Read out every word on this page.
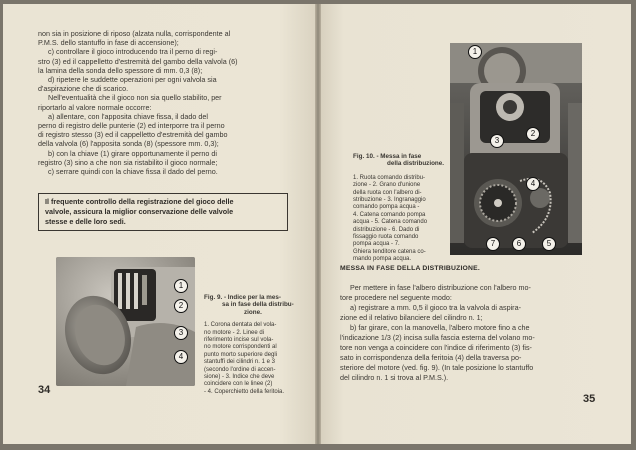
non sia in posizione di riposo (alzata nulla, corrispondente al

P.M.S. dello stantuffo in fase di accensione);

c) controllare il gioco introducendo tra il perno di regi-

stro (3) ed il cappelletto d'estremità del gambo della valvola (6)

la lamina della sonda dello spessore di mm. 0,3 (8);

d) ripetere le suddette operazioni per ogni valvola sia

d'aspirazione che di scarico.

Nell'eventualità che il gioco non sia quello stabilito, per

riportarlo al valore normale occorre:

a) allentare, con l'apposita chiave fissa, il dado del

perno di registro delle punterie (2) ed interporre tra il perno

di registro stesso (3) ed il cappelletto d'estremità del gambo

della valvola (6) l'apposita sonda (8) (spessore mm. 0,3);

b) con la chiave (1) girare opportunamente il perno di

registro (3) sino a che non sia ristabilito il gioco normale;

c) serrare quindi con la chiave fissa il dado del perno.

Il frequente controllo della registrazione del gioco delle
valvole, assicura la miglior conservazione delle valvole
stesse e delle loro sedi.
1
2
3
4
Fig. 9. - Indice per la mes-
sa in fase della distribu-
zione.
1. Corona dentata del vola-
no motore - 2. Linee di
riferimento incise sul vola-
no motore corrispondenti al
punto morto superiore degli
stantuffi dei cilindri n. 1 e 3
(secondo l'ordine di accen-
sione) - 3. Indice che deve
coincidere con le linee (2)
- 4. Coperchietto della feritoia.
34
1
2
3
4
5
6
7
Fig. 10. - Messa in fase
della distribuzione.
1. Ruota comando distribu-
zione - 2. Grano d'unione
della ruota con l'albero di-
stribuzione - 3. Ingranaggio
comando pompa acqua -
4. Catena comando pompa
acqua - 5. Catena comando
distribuzione - 6. Dado di
fissaggio ruota comando
pompa acqua - 7.
Ghiera tenditore catena co-
mando pompa acqua.
MESSA IN FASE DELLA DISTRIBUZIONE.

Per mettere in fase l'albero distribuzione con l'albero mo-

tore procedere nel seguente modo:

a) registrare a mm. 0,5 il gioco tra la valvola di aspira-

zione ed il relativo bilanciere del cilindro n. 1;

b) far girare, con la manovella, l'albero motore fino a che

l'indicazione 1/3 (2) incisa sulla fascia esterna del volano mo-

tore non venga a coincidere con l'indice di riferimento (3) fis-

sato in corrispondenza della feritoia (4) della traversa po-

steriore del motore (ved. fig. 9). (In tale posizione lo stantuffo

del cilindro n. 1 si trova al P.M.S.).

35
